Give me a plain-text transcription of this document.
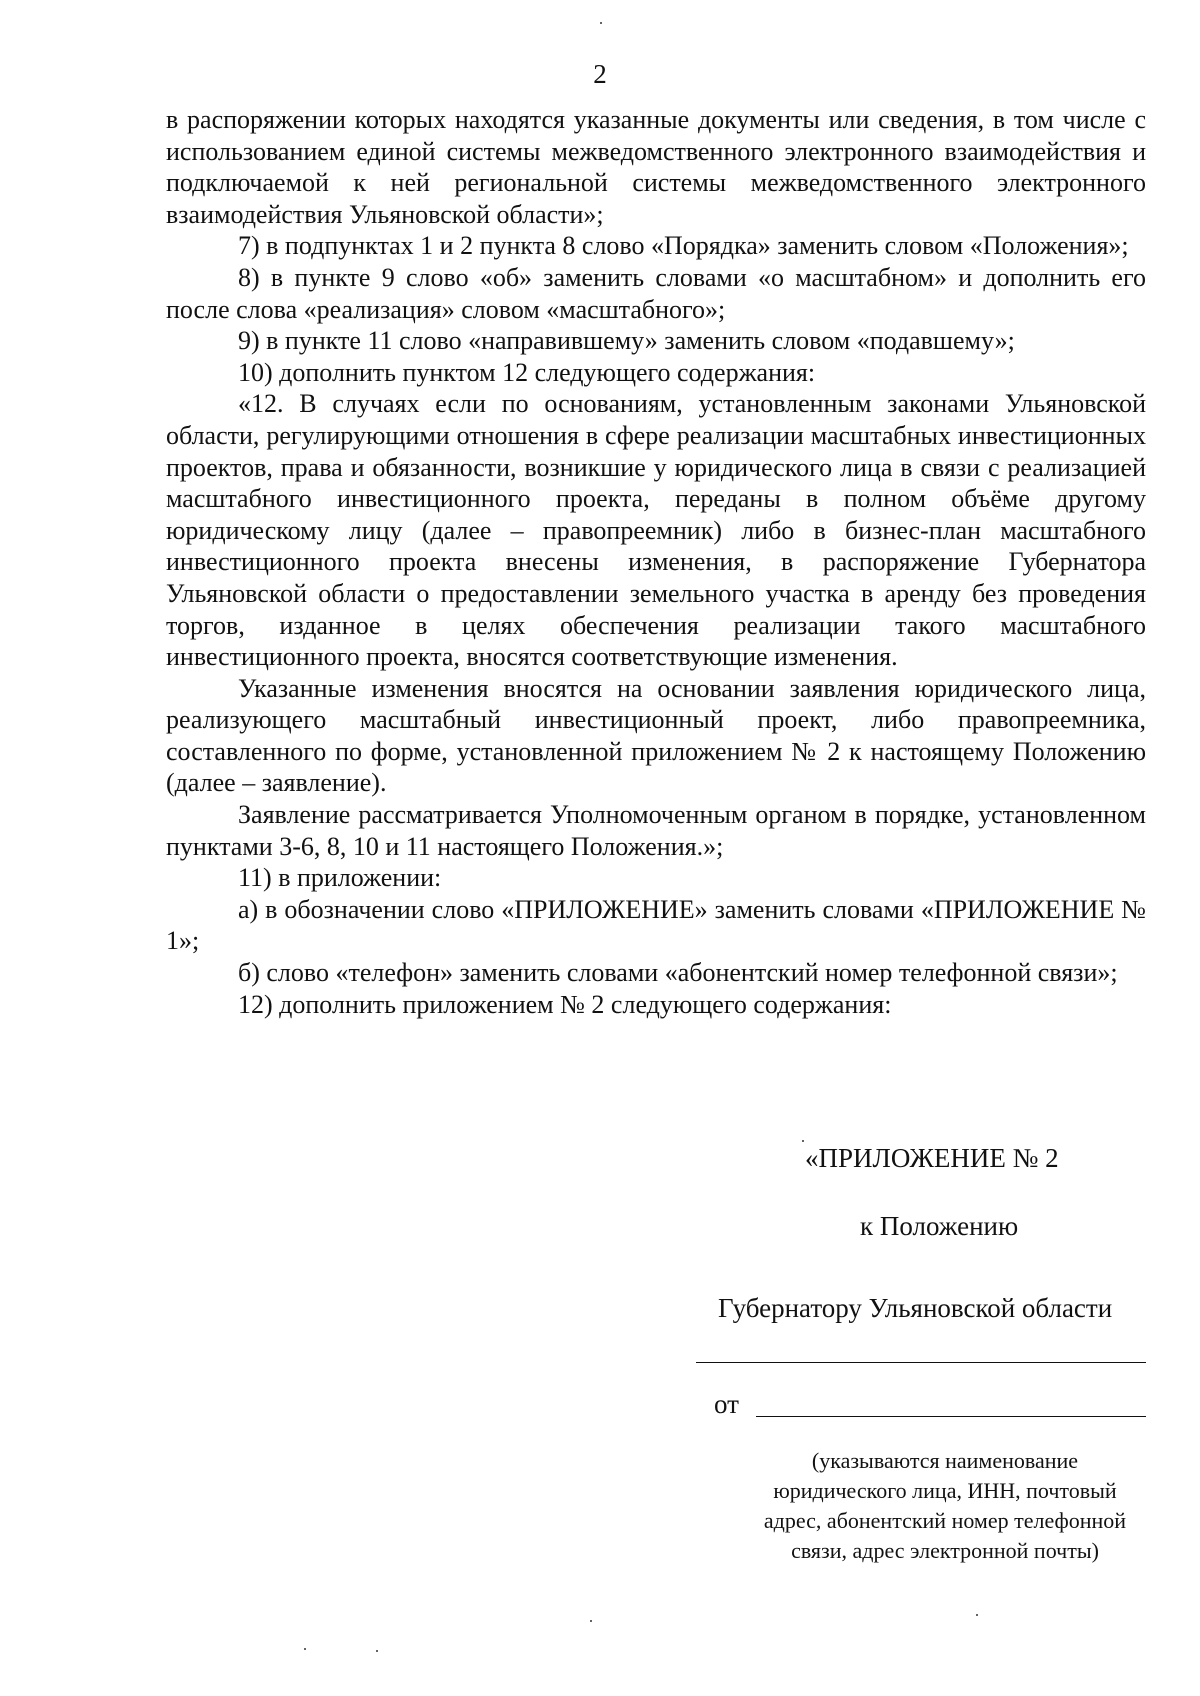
2

в распоряжении которых находятся указанные документы или сведения, в том числе с использованием единой системы межведомственного электронного взаимодействия и подключаемой к ней региональной системы межведомственного электронного взаимодействия Ульяновской области»;

7) в подпунктах 1 и 2 пункта 8 слово «Порядка» заменить словом «Положения»;

8) в пункте 9 слово «об» заменить словами «о масштабном» и дополнить его после слова «реализация» словом «масштабного»;

9) в пункте 11 слово «направившему» заменить словом «подавшему»;

10) дополнить пунктом 12 следующего содержания:

«12. В случаях если по основаниям, установленным законами Ульяновской области, регулирующими отношения в сфере реализации масштабных инвестиционных проектов, права и обязанности, возникшие у юридического лица в связи с реализацией масштабного инвестиционного проекта, переданы в полном объёме другому юридическому лицу (далее – правопреемник) либо в бизнес-план масштабного инвестиционного проекта внесены изменения, в распоряжение Губернатора Ульяновской области о предоставлении земельного участка в аренду без проведения торгов, изданное в целях обеспечения реализации такого масштабного инвестиционного проекта, вносятся соответствующие изменения.

Указанные изменения вносятся на основании заявления юридического лица, реализующего масштабный инвестиционный проект, либо правопреемника, составленного по форме, установленной приложением № 2 к настоящему Положению (далее – заявление).

Заявление рассматривается Уполномоченным органом в порядке, установленном пунктами 3-6, 8, 10 и 11 настоящего Положения.»;

11) в приложении:

а) в обозначении слово «ПРИЛОЖЕНИЕ» заменить словами «ПРИЛОЖЕНИЕ № 1»;

б) слово «телефон» заменить словами «абонентский номер телефонной связи»;

12) дополнить приложением № 2 следующего содержания:

«ПРИЛОЖЕНИЕ № 2
к Положению
Губернатору Ульяновской области
от
(указываются наименование юридического лица, ИНН, почтовый адрес, абонентский номер телефонной связи, адрес электронной почты)
